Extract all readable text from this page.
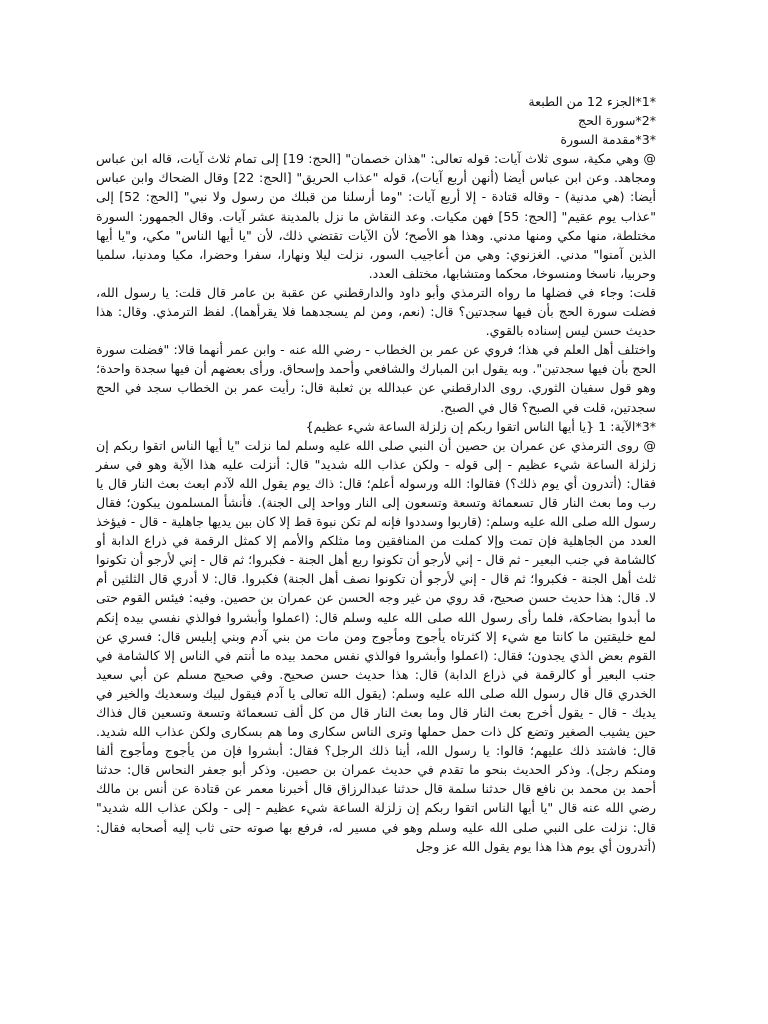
*1*الجزء 12 من الطبعة

*2*سورة الحج

*3*مقدمة السورة

@ وهي مكية، سوى ثلاث آيات: قوله تعالى: "هذان خصمان" [الحج: 19] إلى تمام ثلاث آيات، قاله ابن عباس ومجاهد. وعن ابن عباس أيضا (أنهن أربع آيات)، قوله "عذاب الحريق" [الحج: 22] وقال الضحاك وابن عباس أيضا: (هي مدنية) - وقاله قتادة - إلا أربع آيات: "وما أرسلنا من قبلك من رسول ولا نبي" [الحج: 52] إلى "عذاب يوم عقيم" [الحج: 55] فهن مكيات. وعد النقاش ما نزل بالمدينة عشر آيات. وقال الجمهور: السورة مختلطة، منها مكي ومنها مدني. وهذا هو الأصح؛ لأن الآيات تقتضي ذلك، لأن "يا أيها الناس" مكي، و"يا أيها الذين آمنوا" مدني. الغزنوي: وهي من أعاجيب السور، نزلت ليلا ونهارا، سفرا وحضرا، مكيا ومدنيا، سلميا وحربيا، ناسخا ومنسوخا، محكما ومتشابها، مختلف العدد.

قلت: وجاء في فضلها ما رواه الترمذي وأبو داود والدارقطني عن عقبة بن عامر قال قلت: يا رسول الله، فضلت سورة الحج بأن فيها سجدتين؟ قال: (نعم، ومن لم يسجدهما فلا يقرأهما). لفظ الترمذي. وقال: هذا حديث حسن ليس إسناده بالقوي.

واختلف أهل العلم في هذا؛ فروي عن عمر بن الخطاب - رضي الله عنه - وابن عمر أنهما قالا: "فضلت سورة الحج بأن فيها سجدتين". وبه يقول ابن المبارك والشافعي وأحمد وإسحاق. ورأى بعضهم أن فيها سجدة واحدة؛ وهو قول سفيان الثوري. روى الدارقطني عن عبدالله بن ثعلبة قال: رأيت عمر بن الخطاب سجد في الحج سجدتين، قلت في الصبح؟ قال في الصبح.

*3*الآية: 1 {يا أيها الناس اتقوا ربكم إن زلزلة الساعة شيء عظيم}

@ روى الترمذي عن عمران بن حصين أن النبي صلى الله عليه وسلم لما نزلت "يا أيها الناس اتقوا ربكم إن زلزلة الساعة شيء عظيم - إلى قوله - ولكن عذاب الله شديد" قال: أنزلت عليه هذا الآية وهو في سفر فقال: (أتدرون أي يوم ذلك؟) فقالوا: الله ورسوله أعلم؛ قال: ذاك يوم يقول الله لآدم ابعث بعث النار قال يا رب وما بعث النار قال تسعمائة وتسعة وتسعون إلى النار وواحد إلى الجنة). فأنشأ المسلمون يبكون؛ فقال رسول الله صلى الله عليه وسلم: (قاربوا وسددوا فإنه لم تكن نبوة قط إلا كان بين يديها جاهلية - قال - فيؤخذ العدد من الجاهلية فإن تمت وإلا كملت من المنافقين وما مثلكم والأمم إلا كمثل الرقمة في ذراع الدابة أو كالشامة في جنب البعير - ثم قال - إني لأرجو أن تكونوا ربع أهل الجنة - فكبروا؛ ثم قال - إني لأرجو أن تكونوا ثلث أهل الجنة - فكبروا؛ ثم قال - إني لأرجو أن تكونوا نصف أهل الجنة) فكبروا. قال: لا أدري قال الثلثين أم لا. قال: هذا حديث حسن صحيح، قد روي من غير وجه الحسن عن عمران بن حصين. وفيه: فيئس القوم حتى ما أبدوا بضاحكة، فلما رأى رسول الله صلى الله عليه وسلم قال: (اعملوا وأبشروا فوالذي نفسي بيده إنكم لمع خليقتين ما كانتا مع شيء إلا كثرتاه يأجوج ومأجوج ومن مات من بني آدم وبني إبليس قال: فسري عن القوم بعض الذي يجدون؛ فقال: (اعملوا وأبشروا فوالذي نفس محمد بيده ما أنتم في الناس إلا كالشامة في جنب البعير أو كالرقمة في ذراع الدابة) قال: هذا حديث حسن صحيح. وفي صحيح مسلم عن أبي سعيد الخدري قال قال رسول الله صلى الله عليه وسلم: (يقول الله تعالى يا آدم فيقول لبيك وسعديك والخير في يديك - قال - يقول أخرج بعث النار قال وما بعث النار قال من كل ألف تسعمائة وتسعة وتسعين قال فذاك حين يشيب الصغير وتضع كل ذات حمل حملها وترى الناس سكارى وما هم بسكارى ولكن عذاب الله شديد. قال: فاشتد ذلك عليهم؛ قالوا: يا رسول الله، أينا ذلك الرجل؟ فقال: أبشروا فإن من يأجوج ومأجوج ألفا ومنكم رجل). وذكر الحديث بنحو ما تقدم في حديث عمران بن حصين. وذكر أبو جعفر النحاس قال: حدثنا أحمد بن محمد بن نافع قال حدثنا سلمة قال حدثنا عبدالرزاق قال أخبرنا معمر عن قتادة عن أنس بن مالك رضي الله عنه قال "يا أيها الناس اتقوا ربكم إن زلزلة الساعة شيء عظيم - إلى - ولكن عذاب الله شديد" قال: نزلت على النبي صلى الله عليه وسلم وهو في مسير له، فرفع بها صوته حتى ثاب إليه أصحابه فقال: (أتدرون أي يوم هذا هذا يوم يقول الله عز وجل
